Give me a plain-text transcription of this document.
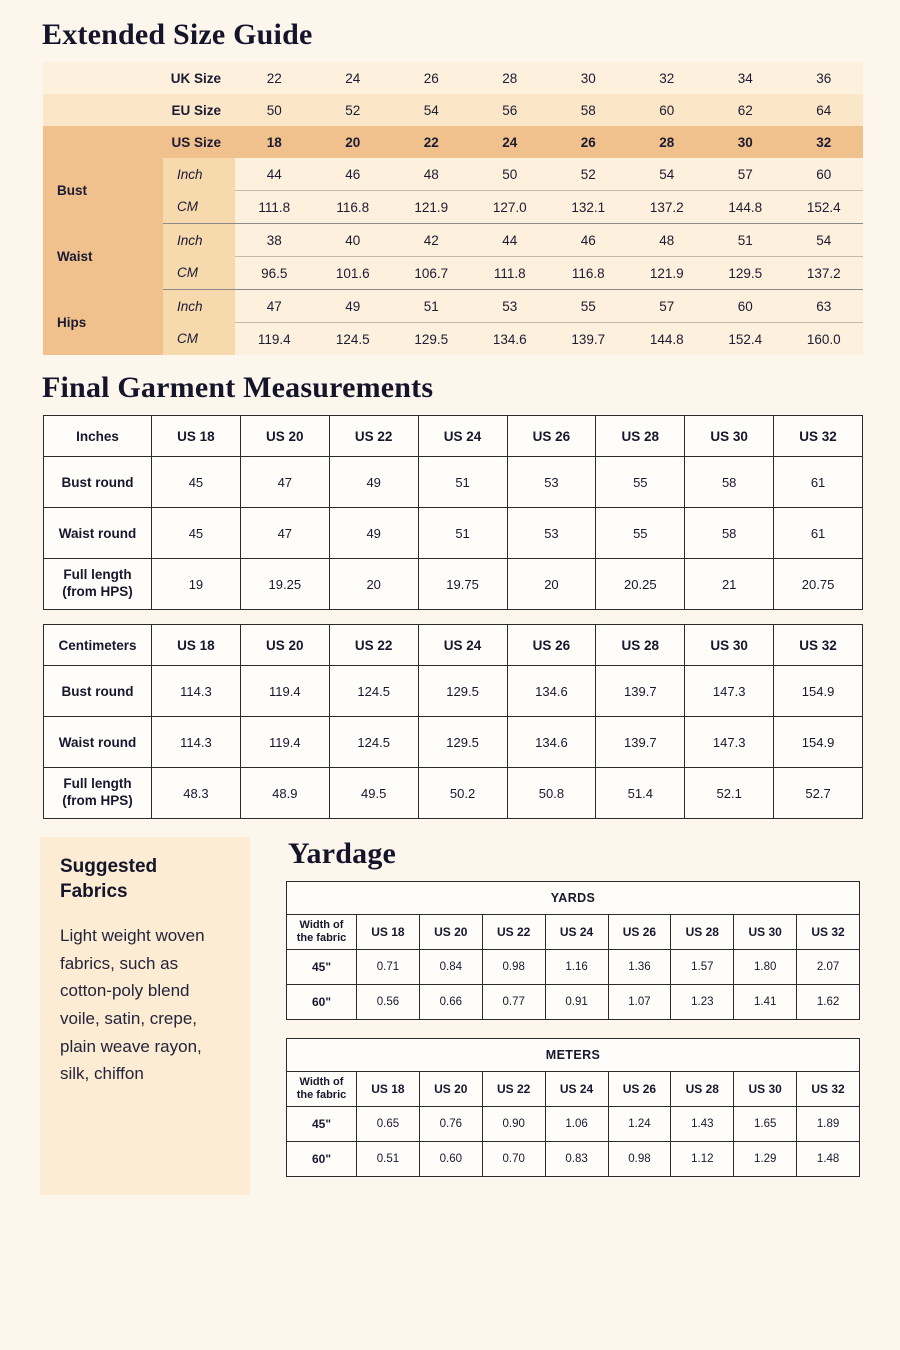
Extended Size Guide
UK Size		22	24	26	28	30	32	34	36
EU Size		50	52	54	56	58	60	62	64
US Size		18	20	22	24	26	28	30	32
Bust	Inch	44	46	48	50	52	54	57	60
	CM	111.8	116.8	121.9	127.0	132.1	137.2	144.8	152.4
Waist	Inch	38	40	42	44	46	48	51	54
	CM	96.5	101.6	106.7	111.8	116.8	121.9	129.5	137.2
Hips	Inch	47	49	51	53	55	57	60	63
	CM	119.4	124.5	129.5	134.6	139.7	144.8	152.4	160.0
Final Garment Measurements
Inches	US 18	US 20	US 22	US 24	US 26	US 28	US 30	US 32
Bust round	45	47	49	51	53	55	58	61
Waist round	45	47	49	51	53	55	58	61
Full length
(from HPS)	19	19.25	20	19.75	20	20.25	21	20.75
Centimeters	US 18	US 20	US 22	US 24	US 26	US 28	US 30	US 32
Bust round	114.3	119.4	124.5	129.5	134.6	139.7	147.3	154.9
Waist round	114.3	119.4	124.5	129.5	134.6	139.7	147.3	154.9
Full length
(from HPS)	48.3	48.9	49.5	50.2	50.8	51.4	52.1	52.7
Suggested
Fabrics

Light weight woven fabrics, such as cotton-poly blend voile, satin, crepe, plain weave rayon, silk, chiffon

Yardage
YARDS								
Width of
the fabric	US 18	US 20	US 22	US 24	US 26	US 28	US 30	US 32
45"	0.71	0.84	0.98	1.16	1.36	1.57	1.80	2.07
60"	0.56	0.66	0.77	0.91	1.07	1.23	1.41	1.62
METERS								
Width of
the fabric	US 18	US 20	US 22	US 24	US 26	US 28	US 30	US 32
45"	0.65	0.76	0.90	1.06	1.24	1.43	1.65	1.89
60"	0.51	0.60	0.70	0.83	0.98	1.12	1.29	1.48
